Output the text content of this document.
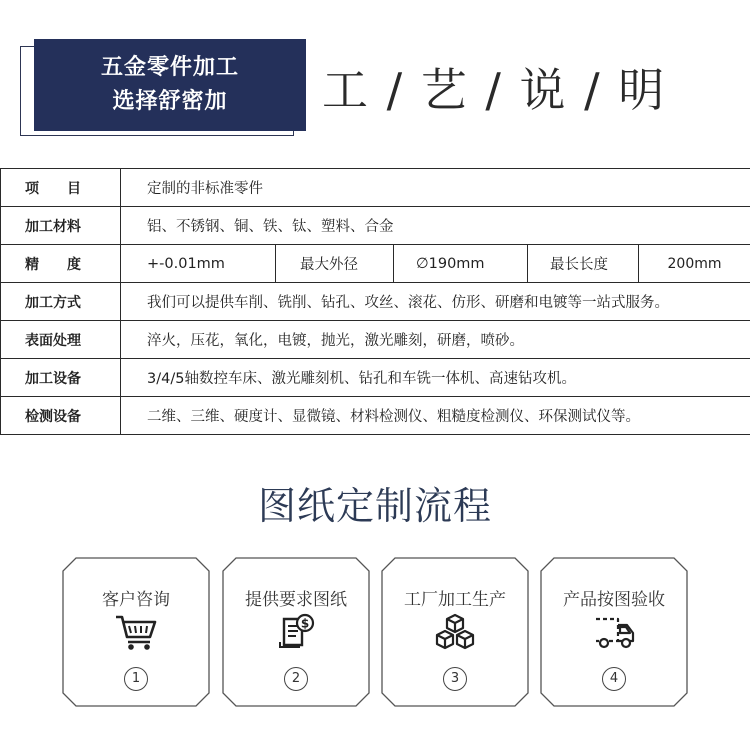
五金零件加工
选择舒密加 工 / 艺 / 说 / 明
项　　目	定制的非标准零件				
加工材料	铝、不锈钢、铜、铁、钛、塑料、合金				
精　　度	+-0.01mm	最大外径	∅190mm	最长长度	200mm
加工方式	我们可以提供车削、铣削、钻孔、攻丝、滚花、仿形、研磨和电镀等一站式服务。				
表面处理	淬火，压花，氧化，电镀，抛光，激光雕刻，研磨，喷砂。				
加工设备	3/4/5轴数控车床、激光雕刻机、钻孔和车铣一体机、高速钻攻机。				
检测设备	二维、三维、硬度计、显微镜、材料检测仪、粗糙度检测仪、环保测试仪等。				
图纸定制流程
客户咨询
1
提供要求图纸
$
2
工厂加工生产
3
产品按图验收
4
